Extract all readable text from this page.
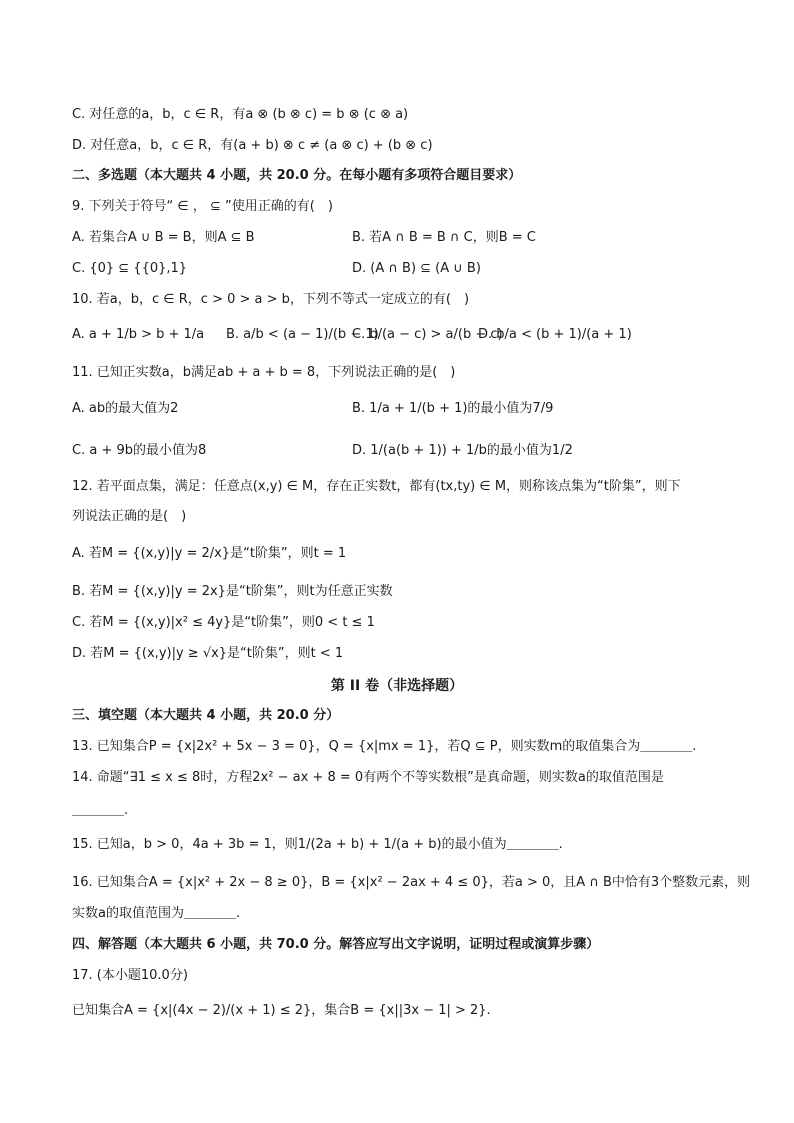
C. 对任意的a，b，c ∈ R，有a ⊗ (b ⊗ c) = b ⊗ (c ⊗ a)
D. 对任意a，b，c ∈ R，有(a + b) ⊗ c ≠ (a ⊗ c) + (b ⊗ c)
二、多选题（本大题共 4 小题，共 20.0 分。在每小题有多项符合题目要求）
9. 下列关于符号“ ∈ ， ⊆ ”使用正确的有(　)
A. 若集合A ∪ B = B，则A ⊆ B	B. 若A ∩ B = B ∩ C，则B = C
C. {0} ⊆ {{0},1}	D. (A ∩ B) ⊆ (A ∪ B)
10. 若a，b，c ∈ R，c > 0 > a > b，下列不等式一定成立的有(　)
A. a + 1/b > b + 1/a B. a/b < (a − 1)/(b − 1)
C. b/(a − c) > a/(b − c)
D. b/a < (b + 1)/(a + 1)
11. 已知正实数a，b满足ab + a + b = 8，下列说法正确的是(　)
A. ab的最大值为2	B. 1/a + 1/(b + 1)的最小值为7/9
C. a + 9b的最小值为8	D. 1/(a(b + 1)) + 1/b的最小值为1/2
12. 若平面点集，满足：任意点(x,y) ∈ M，存在正实数t，都有(tx,ty) ∈ M，则称该点集为“t阶集”，则下
列说法正确的是(　)
A. 若M = {(x,y)|y = 2/x}是“t阶集”，则t = 1
B. 若M = {(x,y)|y = 2x}是“t阶集”，则t为任意正实数
C. 若M = {(x,y)|x² ≤ 4y}是“t阶集”，则0 < t ≤ 1
D. 若M = {(x,y)|y ≥ √x}是“t阶集”，则t < 1
第 II 卷（非选择题）
三、填空题（本大题共 4 小题，共 20.0 分）
13. 已知集合P = {x|2x² + 5x − 3 = 0}，Q = {x|mx = 1}，若Q ⊆ P，则实数m的取值集合为＿＿＿＿.
14. 命题“∃1 ≤ x ≤ 8时，方程2x² − ax + 8 = 0有两个不等实数根”是真命题，则实数a的取值范围是
＿＿＿＿.
15. 已知a，b > 0，4a + 3b = 1，则1/(2a + b) + 1/(a + b)的最小值为＿＿＿＿.
16. 已知集合A = {x|x² + 2x − 8 ≥ 0}，B = {x|x² − 2ax + 4 ≤ 0}，若a > 0，且A ∩ B中恰有3个整数元素，则
实数a的取值范围为＿＿＿＿.
四、解答题（本大题共 6 小题，共 70.0 分。解答应写出文字说明，证明过程或演算步骤）
17. (本小题10.0分)
已知集合A = {x|(4x − 2)/(x + 1) ≤ 2}，集合B = {x||3x − 1| > 2}.
